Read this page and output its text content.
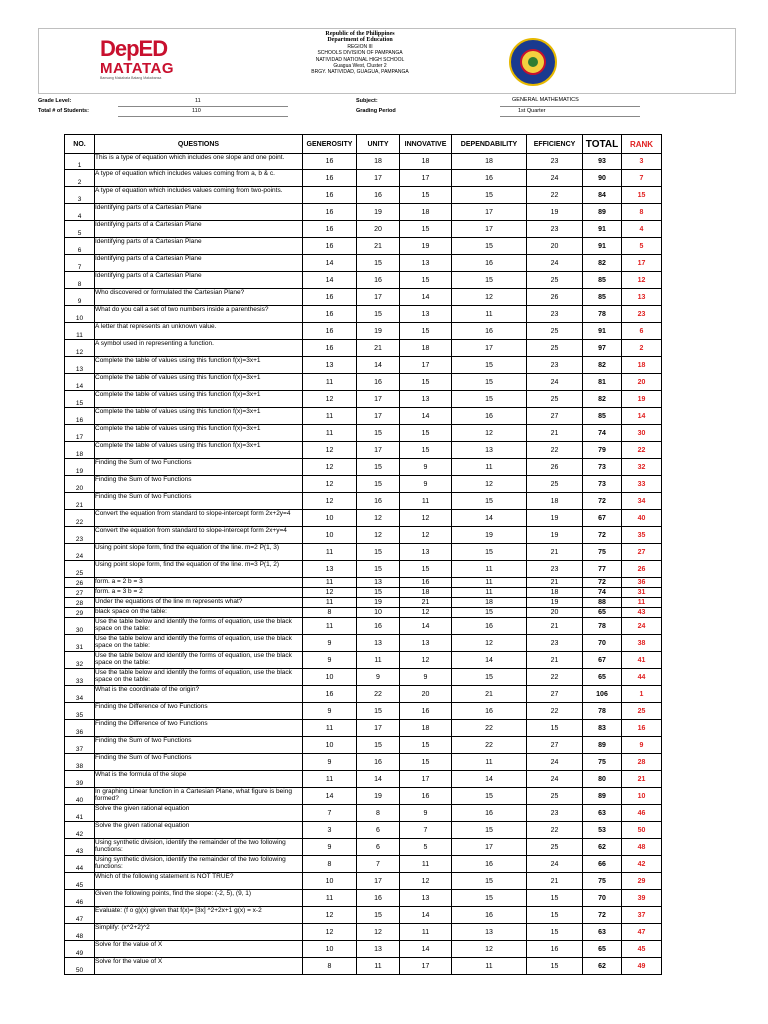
DepED
MATATAG
Bansang Makabata Batang Makabansa
Republic of the Philippines
Department of Education
REGION III
SCHOOLS DIVISION OF PAMPANGA
NATIVIDAD NATIONAL HIGH SCHOOL
Guagua West, Cluster 2
BRGY. NATIVIDAD, GUAGUA, PAMPANGA
Grade Level:	11
Total # of Students:	110
Subject:	GENERAL MATHEMATICS
Grading Period	1st Quarter
NO.	QUESTIONS	GENEROSITY	UNITY	INNOVATIVE	DEPENDABILITY	EFFICIENCY	TOTAL	RANK
1	This is a type of equation which includes one slope and one point.	16	18	18	18	23	93	3
2	A type of equation which includes values coming from a, b & c.	16	17	17	16	24	90	7
3	A type of equation which includes values coming from two-points.	16	16	15	15	22	84	15
4	Identifying parts of a Cartesian Plane	16	19	18	17	19	89	8
5	Identifying parts of a Cartesian Plane	16	20	15	17	23	91	4
6	Identifying parts of a Cartesian Plane	16	21	19	15	20	91	5
7	Identifying parts of a Cartesian Plane	14	15	13	16	24	82	17
8	Identifying parts of a Cartesian Plane	14	16	15	15	25	85	12
9	Who discovered or formulated the Cartesian Plane?	16	17	14	12	26	85	13
10	What do you call a set of two numbers inside a parenthesis?	16	15	13	11	23	78	23
11	A letter that represents an unknown value.	16	19	15	16	25	91	6
12	A symbol used in representing a function.	16	21	18	17	25	97	2
13	Complete the table of values using this function f(x)=3x+1	13	14	17	15	23	82	18
14	Complete the table of values using this function f(x)=3x+1	11	16	15	15	24	81	20
15	Complete the table of values using this function f(x)=3x+1	12	17	13	15	25	82	19
16	Complete the table of values using this function f(x)=3x+1	11	17	14	16	27	85	14
17	Complete the table of values using this function f(x)=3x+1	11	15	15	12	21	74	30
18	Complete the table of values using this function f(x)=3x+1	12	17	15	13	22	79	22
19	Finding the Sum of two Functions	12	15	9	11	26	73	32
20	Finding the Sum of two Functions	12	15	9	12	25	73	33
21	Finding the Sum of two Functions	12	16	11	15	18	72	34
22	Convert the equation from standard to slope-intercept form 2x+2y=4	10	12	12	14	19	67	40
23	Convert the equation from standard to slope-intercept form 2x+y=4	10	12	12	19	19	72	35
24	Using point slope form, find the equation of the line. m=2 P(1, 3)	11	15	13	15	21	75	27
25	Using point slope form, find the equation of the line. m=3 P(1, 2)	13	15	15	11	23	77	26
26	form. a = 2 b = 3	11	13	16	11	21	72	36
27	form. a = 3 b = 2	12	15	18	11	18	74	31
28	Under the equations of the line m represents what?	11	19	21	18	19	88	11
29	black space on the table:	8	10	12	15	20	65	43
30	Use the table below and identify the forms of equation, use the black space on the table:	11	16	14	16	21	78	24
31	Use the table below and identify the forms of equation, use the black space on the table:	9	13	13	12	23	70	38
32	Use the table below and identify the forms of equation, use the black space on the table:	9	11	12	14	21	67	41
33	Use the table below and identify the forms of equation, use the black space on the table:	10	9	9	15	22	65	44
34	What is the coordinate of the origin?	16	22	20	21	27	106	1
35	Finding the Difference of two Functions	9	15	16	16	22	78	25
36	Finding the Difference of two Functions	11	17	18	22	15	83	16
37	Finding the Sum of two Functions	10	15	15	22	27	89	9
38	Finding the Sum of two Functions	9	16	15	11	24	75	28
39	What is the formula of the slope	11	14	17	14	24	80	21
40	In graphing Linear function in a Cartesian Plane, what figure is being formed?	14	19	16	15	25	89	10
41	Solve the given rational equation	7	8	9	16	23	63	46
42	Solve the given rational equation	3	6	7	15	22	53	50
43	Using synthetic division, identify the remainder of the two following functions:	9	6	5	17	25	62	48
44	Using synthetic division, identify the remainder of the two following functions:	8	7	11	16	24	66	42
45	Which of the following statement is NOT TRUE?	10	17	12	15	21	75	29
46	Given the following points, find the slope: (-2, 5), (9, 1)	11	16	13	15	15	70	39
47	Evaluate: (f o g)(x) given that f(x)= [3x] ^2+2x+1 g(x) = x-2	12	15	14	16	15	72	37
48	Simplify: (x^2+2)^2	12	12	11	13	15	63	47
49	Solve for the value of X	10	13	14	12	16	65	45
50	Solve for the value of X	8	11	17	11	15	62	49
